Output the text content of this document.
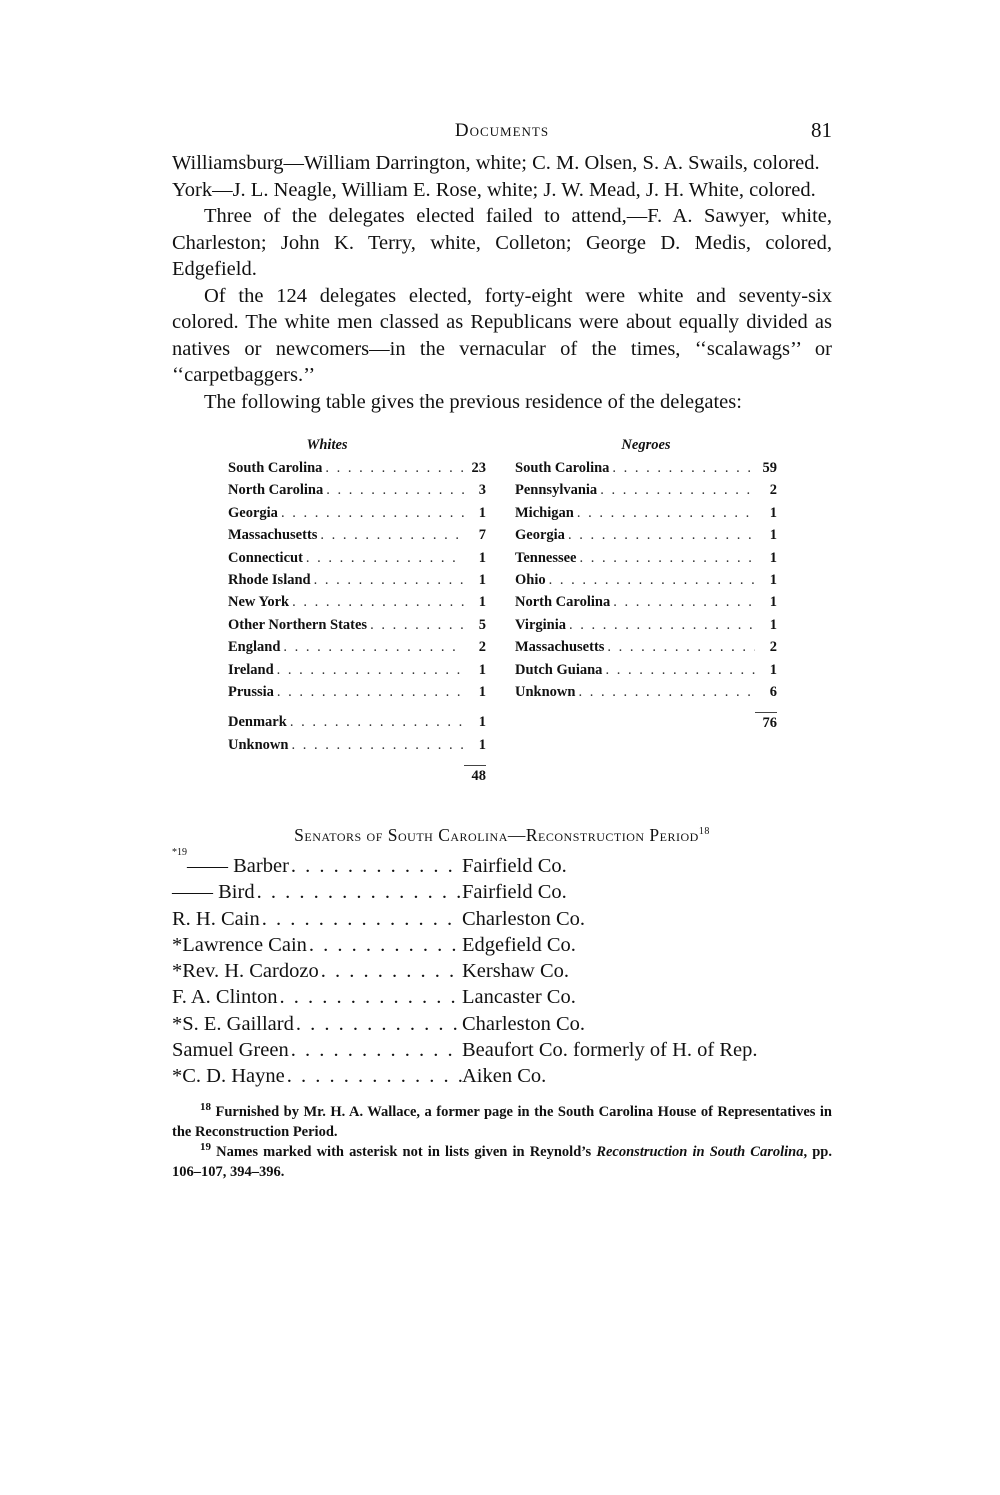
Documents	81

Williamsburg—William Darrington, white; C. M. Olsen, S. A. Swails, colored.

York—J. L. Neagle, William E. Rose, white; J. W. Mead, J. H. White, colored.

Three of the delegates elected failed to attend,—F. A. Sawyer, white, Charleston; John K. Terry, white, Colleton; George D. Medis, colored, Edgefield.

Of the 124 delegates elected, forty-eight were white and seventy-six colored. The white men classed as Republicans were about equally divided as natives or newcomers—in the vernacular of the times, ‘‘scalawags’’ or ‘‘carpetbaggers.’’

The following table gives the previous residence of the delegates:

Whites
South Carolina . . .	23
North Carolina . . .	3
Georgia . . .	1
Massachusetts . . .	7
Connecticut . . .	1
Rhode Island . . .	1
New York . . .	1
Other Northern States . . .	5
England . . .	2
Ireland . . .	1
Prussia . . .	1
Denmark . . .	1
Unknown . . .	1
48
Negroes
South Carolina . . .	59
Pennsylvania . . .	2
Michigan . . .	1
Georgia . . .	1
Tennessee . . .	1
Ohio . . .	1
North Carolina . . .	1
Virginia . . .	1
Massachusetts . . .	2
Dutch Guiana . . .	1
Unknown . . .	6
76
Senators of South Carolina—Reconstruction Period$^{18}$
*19
—— Barber . . .	Fairfield Co.
—— Bird . . .	Fairfield Co.
R. H. Cain . . .	Charleston Co.
*Lawrence Cain . . .	Edgefield Co.
*Rev. H. Cardozo . . .	Kershaw Co.
F. A. Clinton . . .	Lancaster Co.
*S. E. Gaillard . . .	Charleston Co.
Samuel Green . . .	Beaufort Co. formerly of H. of Rep.
*C. D. Hayne . . .	Aiken Co.

$^{18}$ Furnished by Mr. H. A. Wallace, a former page in the South Carolina House of Representatives in the Reconstruction Period.

$^{19}$ Names marked with asterisk not in lists given in Reynold’s Reconstruction in South Carolina, pp. 106–107, 394–396.
